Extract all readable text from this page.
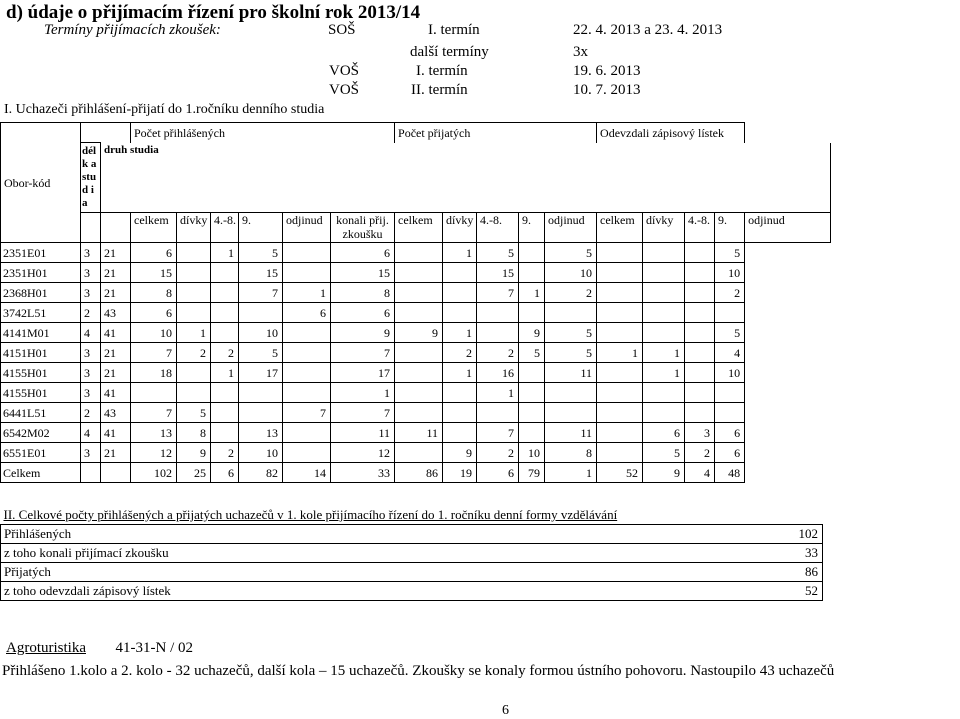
d) údaje o přijímacím řízení pro školní rok 2013/14
Termíny přijímacích zkoušek:	SOŠ	I. termín	22. 4. 2013 a 23. 4. 2013
další termíny	3x
VOŠ	I. termín	19. 6. 2013
VOŠ	II. termín	10. 7. 2013
I. Uchazeči přihlášení-přijatí do 1.ročníku denního studia
Obor-kód			Počet přihlášených						Počet přijatých					Odevzdali zápisový lístek				
	délk a stud ia	druh studia																
			celkem	dívky	4.-8.	9.	odjinud	konali přij. zkoušku	celkem	dívky	4.-8.	9.	odjinud	celkem	dívky	4.-8.	9.	odjinud
2351E01	3	21	6		1	5		6		1	5		5				5	
2351H01	3	21	15			15		15			15		10				10	
2368H01	3	21	8			7	1	8			7	1	2				2	
3742L51	2	43	6				6	6										
4141M01	4	41	10	1		10		9	9	1		9	5				5	
4151H01	3	21	7	2	2	5		7		2	2	5	5	1	1		4	
4155H01	3	21	18		1	17		17		1	16		11		1		10	
4155H01	3	41						1			1							
6441L51	2	43	7	5			7	7										
6542M02	4	41	13	8		13		11	11		7		11		6	3	6	
6551E01	3	21	12	9	2	10		12		9	2	10	8		5	2	6	
Celkem			102	25	6	82	14	33	86	19	6	79	1	52	9	4	48	
II. Celkové počty přihlášených a přijatých uchazečů v 1. kole přijímacího řízení do 1. ročníku denní formy vzdělávání	
Přihlášených	102
z toho konali přijímací zkoušku	33
Přijatých	86
z toho odevzdali zápisový lístek	52
Agroturistika 41-31-N / 02
Přihlášeno 1.kolo a 2. kolo - 32 uchazečů, další kola – 15 uchazečů. Zkoušky se konaly formou ústního pohovoru. Nastoupilo 43 uchazečů
6
